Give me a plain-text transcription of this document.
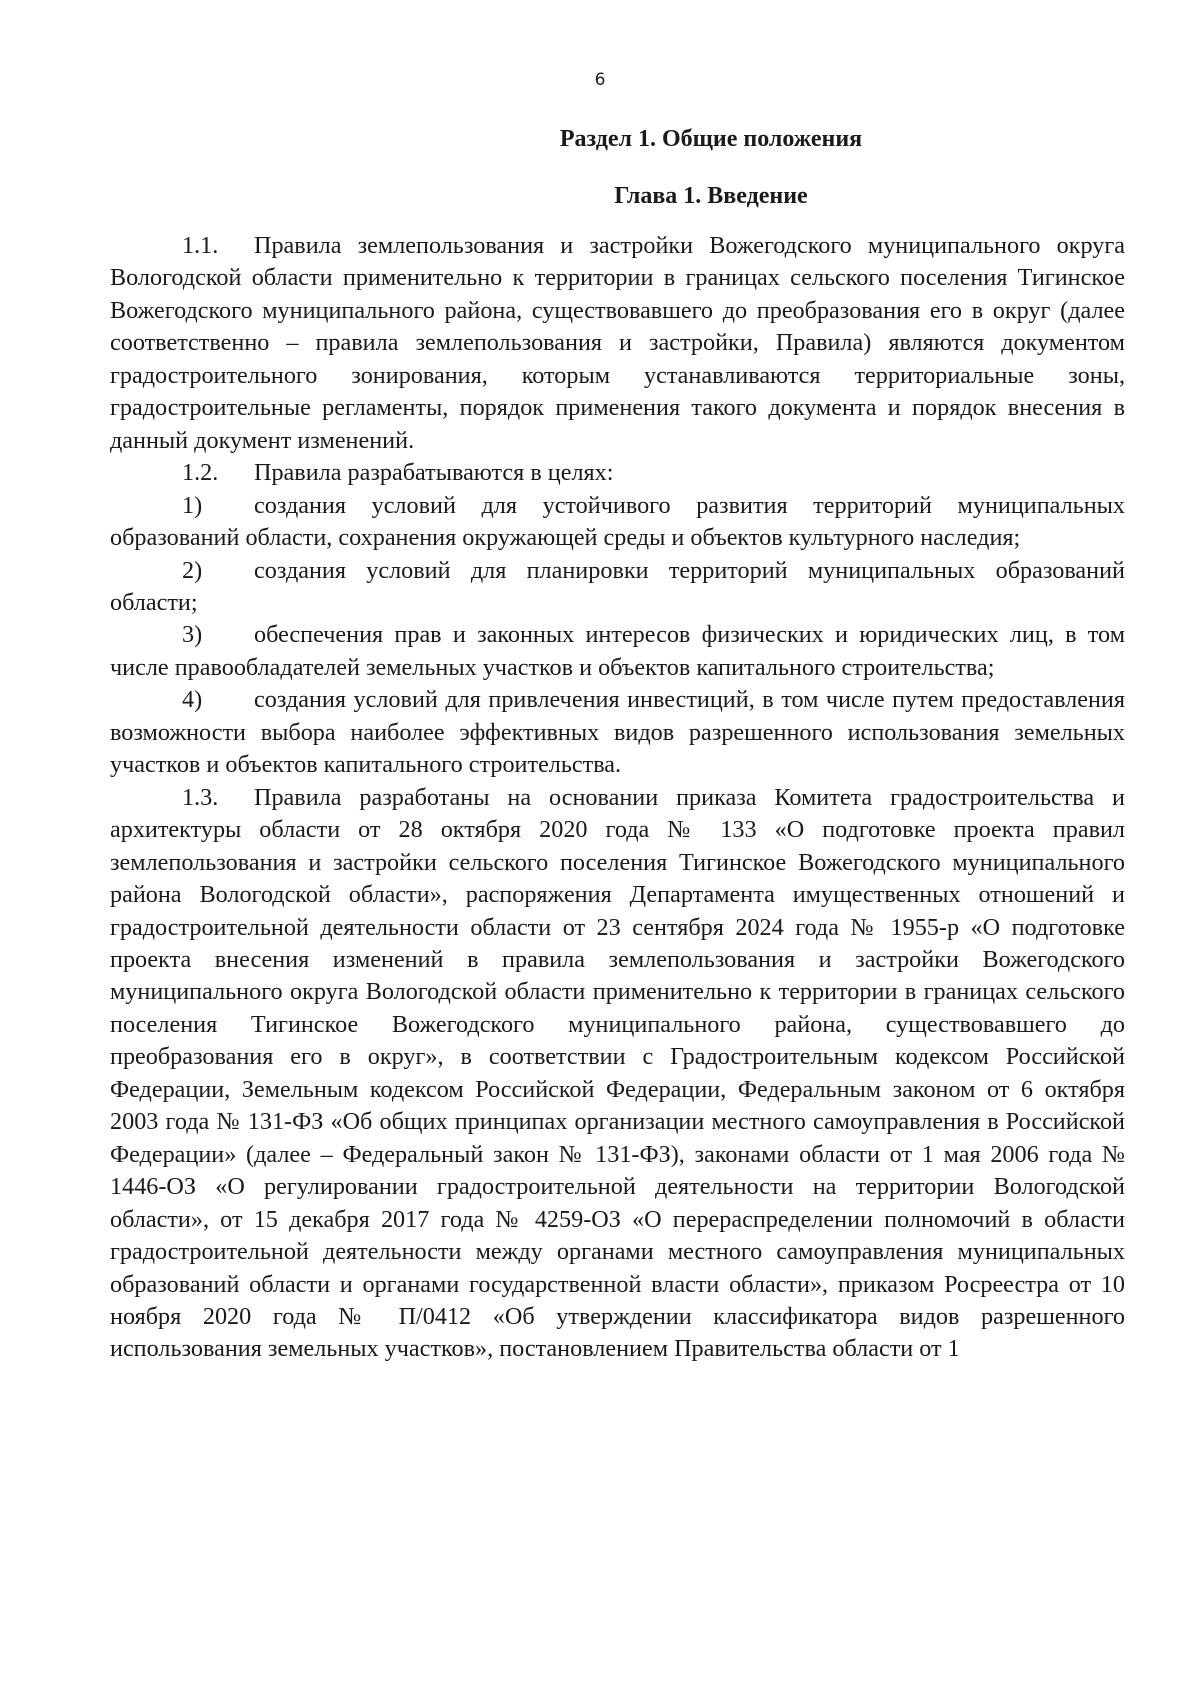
6
Раздел 1. Общие положения
Глава 1. Введение

1.1. Правила землепользования и застройки Вожегодского муниципального округа Вологодской области применительно к территории в границах сельского поселения Тигинское Вожегодского муниципального района, существовавшего до преобразования его в округ (далее соответственно – правила землепользования и застройки, Правила) являются документом градостроительного зонирования, которым устанавливаются территориальные зоны, градостроительные регламенты, порядок применения такого документа и порядок внесения в данный документ изменений.

1.2. Правила разрабатываются в целях:

1) создания условий для устойчивого развития территорий муниципальных образований области, сохранения окружающей среды и объектов культурного наследия;

2) создания условий для планировки территорий муниципальных образований области;

3) обеспечения прав и законных интересов физических и юридических лиц, в том числе правообладателей земельных участков и объектов капитального строительства;

4) создания условий для привлечения инвестиций, в том числе путем предоставления возможности выбора наиболее эффективных видов разрешенного использования земельных участков и объектов капитального строительства.

1.3. Правила разработаны на основании приказа Комитета градостроительства и архитектуры области от 28 октября 2020 года № 133 «О подготовке проекта правил землепользования и застройки сельского поселения Тигинское Вожегодского муниципального района Вологодской области», распоряжения Департамента имущественных отношений и градостроительной деятельности области от 23 сентября 2024 года № 1955-р «О подготовке проекта внесения изменений в правила землепользования и застройки Вожегодского муниципального округа Вологодской области применительно к территории в границах сельского поселения Тигинское Вожегодского муниципального района, существовавшего до преобразования его в округ», в соответствии с Градостроительным кодексом Российской Федерации, Земельным кодексом Российской Федерации, Федеральным законом от 6 октября 2003 года № 131-ФЗ «Об общих принципах организации местного самоуправления в Российской Федерации» (далее – Федеральный закон № 131-ФЗ), законами области от 1 мая 2006 года № 1446-ОЗ «О регулировании градостроительной деятельности на территории Вологодской области», от 15 декабря 2017 года № 4259-ОЗ «О перераспределении полномочий в области градостроительной деятельности между органами местного самоуправления муниципальных образований области и органами государственной власти области», приказом Росреестра от 10 ноября 2020 года № П/0412 «Об утверждении классификатора видов разрешенного использования земельных участков», постановлением Правительства области от 1
